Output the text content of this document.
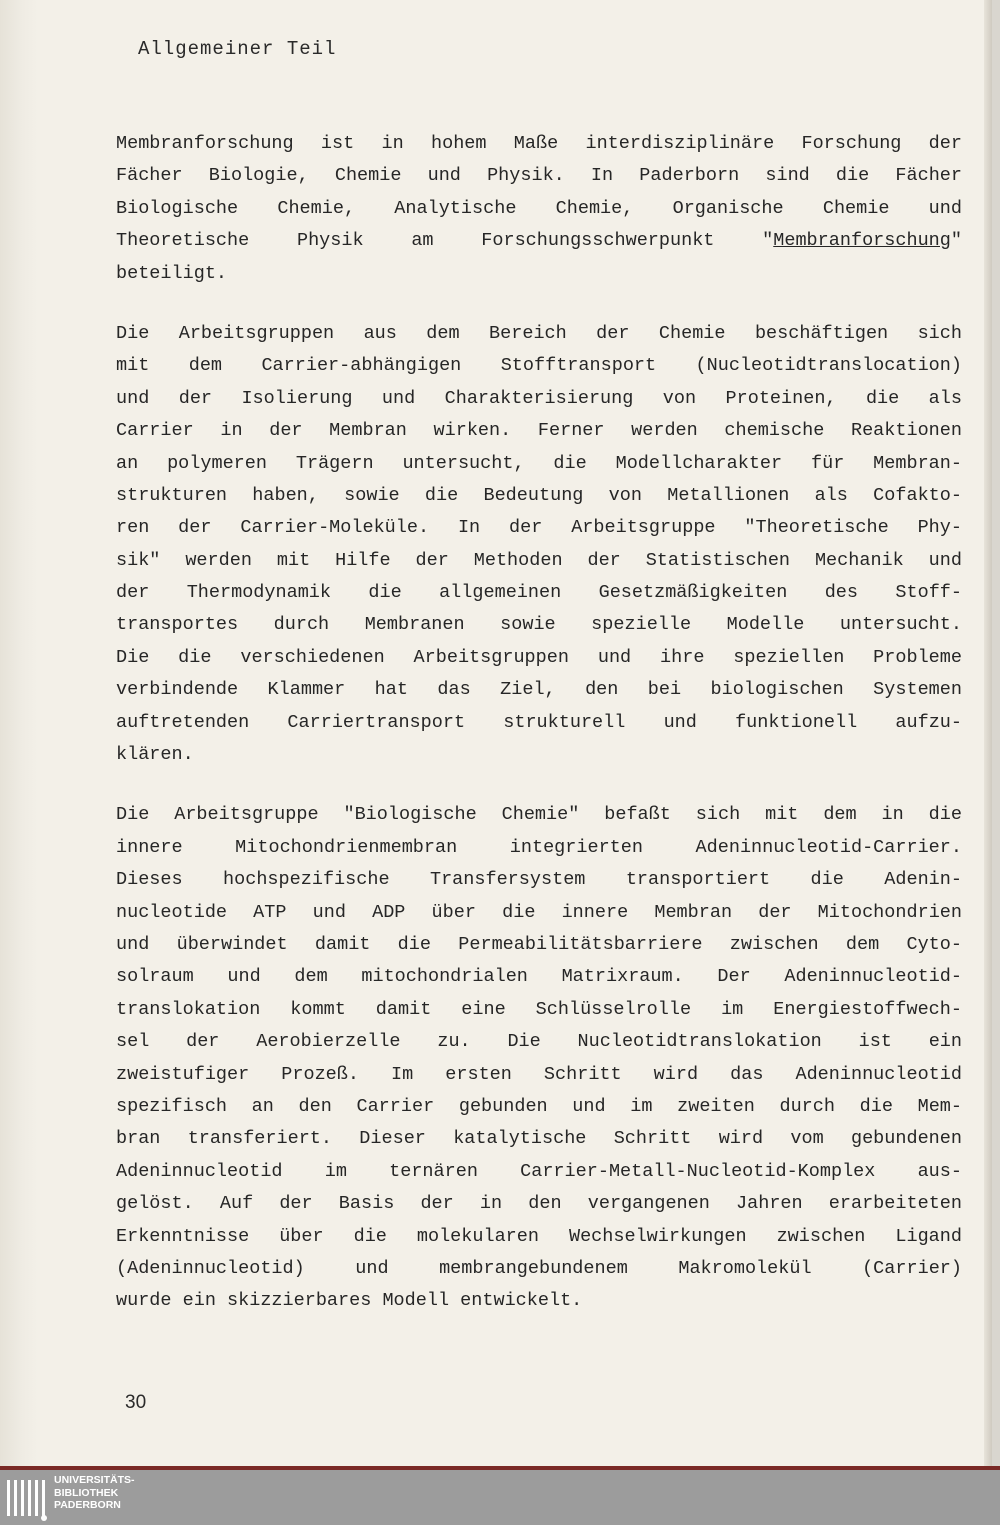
Allgemeiner Teil
Membranforschung ist in hohem Maße interdisziplinäre Forschung der
Fächer Biologie, Chemie und Physik. In Paderborn sind die Fächer
Biologische Chemie, Analytische Chemie, Organische Chemie und
Theoretische Physik am Forschungsschwerpunkt "Membranforschung"
beteiligt.
Die Arbeitsgruppen aus dem Bereich der Chemie beschäftigen sich
mit dem Carrier-abhängigen Stofftransport (Nucleotidtranslocation)
und der Isolierung und Charakterisierung von Proteinen, die als
Carrier in der Membran wirken. Ferner werden chemische Reaktionen
an polymeren Trägern untersucht, die Modellcharakter für Membran-
strukturen haben, sowie die Bedeutung von Metallionen als Cofakto-
ren der Carrier-Moleküle. In der Arbeitsgruppe "Theoretische Phy-
sik" werden mit Hilfe der Methoden der Statistischen Mechanik und
der Thermodynamik die allgemeinen Gesetzmäßigkeiten des Stoff-
transportes durch Membranen sowie spezielle Modelle untersucht.
Die die verschiedenen Arbeitsgruppen und ihre speziellen Probleme
verbindende Klammer hat das Ziel, den bei biologischen Systemen
auftretenden Carriertransport strukturell und funktionell aufzu-
klären.
Die Arbeitsgruppe "Biologische Chemie" befaßt sich mit dem in die
innere Mitochondrienmembran integrierten Adeninnucleotid-Carrier.
Dieses hochspezifische Transfersystem transportiert die Adenin-
nucleotide ATP und ADP über die innere Membran der Mitochondrien
und überwindet damit die Permeabilitätsbarriere zwischen dem Cyto-
solraum und dem mitochondrialen Matrixraum. Der Adeninnucleotid-
translokation kommt damit eine Schlüsselrolle im Energiestoffwech-
sel der Aerobierzelle zu. Die Nucleotidtranslokation ist ein
zweistufiger Prozeß. Im ersten Schritt wird das Adeninnucleotid
spezifisch an den Carrier gebunden und im zweiten durch die Mem-
bran transferiert. Dieser katalytische Schritt wird vom gebundenen
Adeninnucleotid im ternären Carrier-Metall-Nucleotid-Komplex aus-
gelöst. Auf der Basis der in den vergangenen Jahren erarbeiteten
Erkenntnisse über die molekularen Wechselwirkungen zwischen Ligand
(Adeninnucleotid) und membrangebundenem Makromolekül (Carrier)
wurde ein skizzierbares Modell entwickelt.
30
UNIVERSITÄTS-
BIBLIOTHEK
PADERBORN
